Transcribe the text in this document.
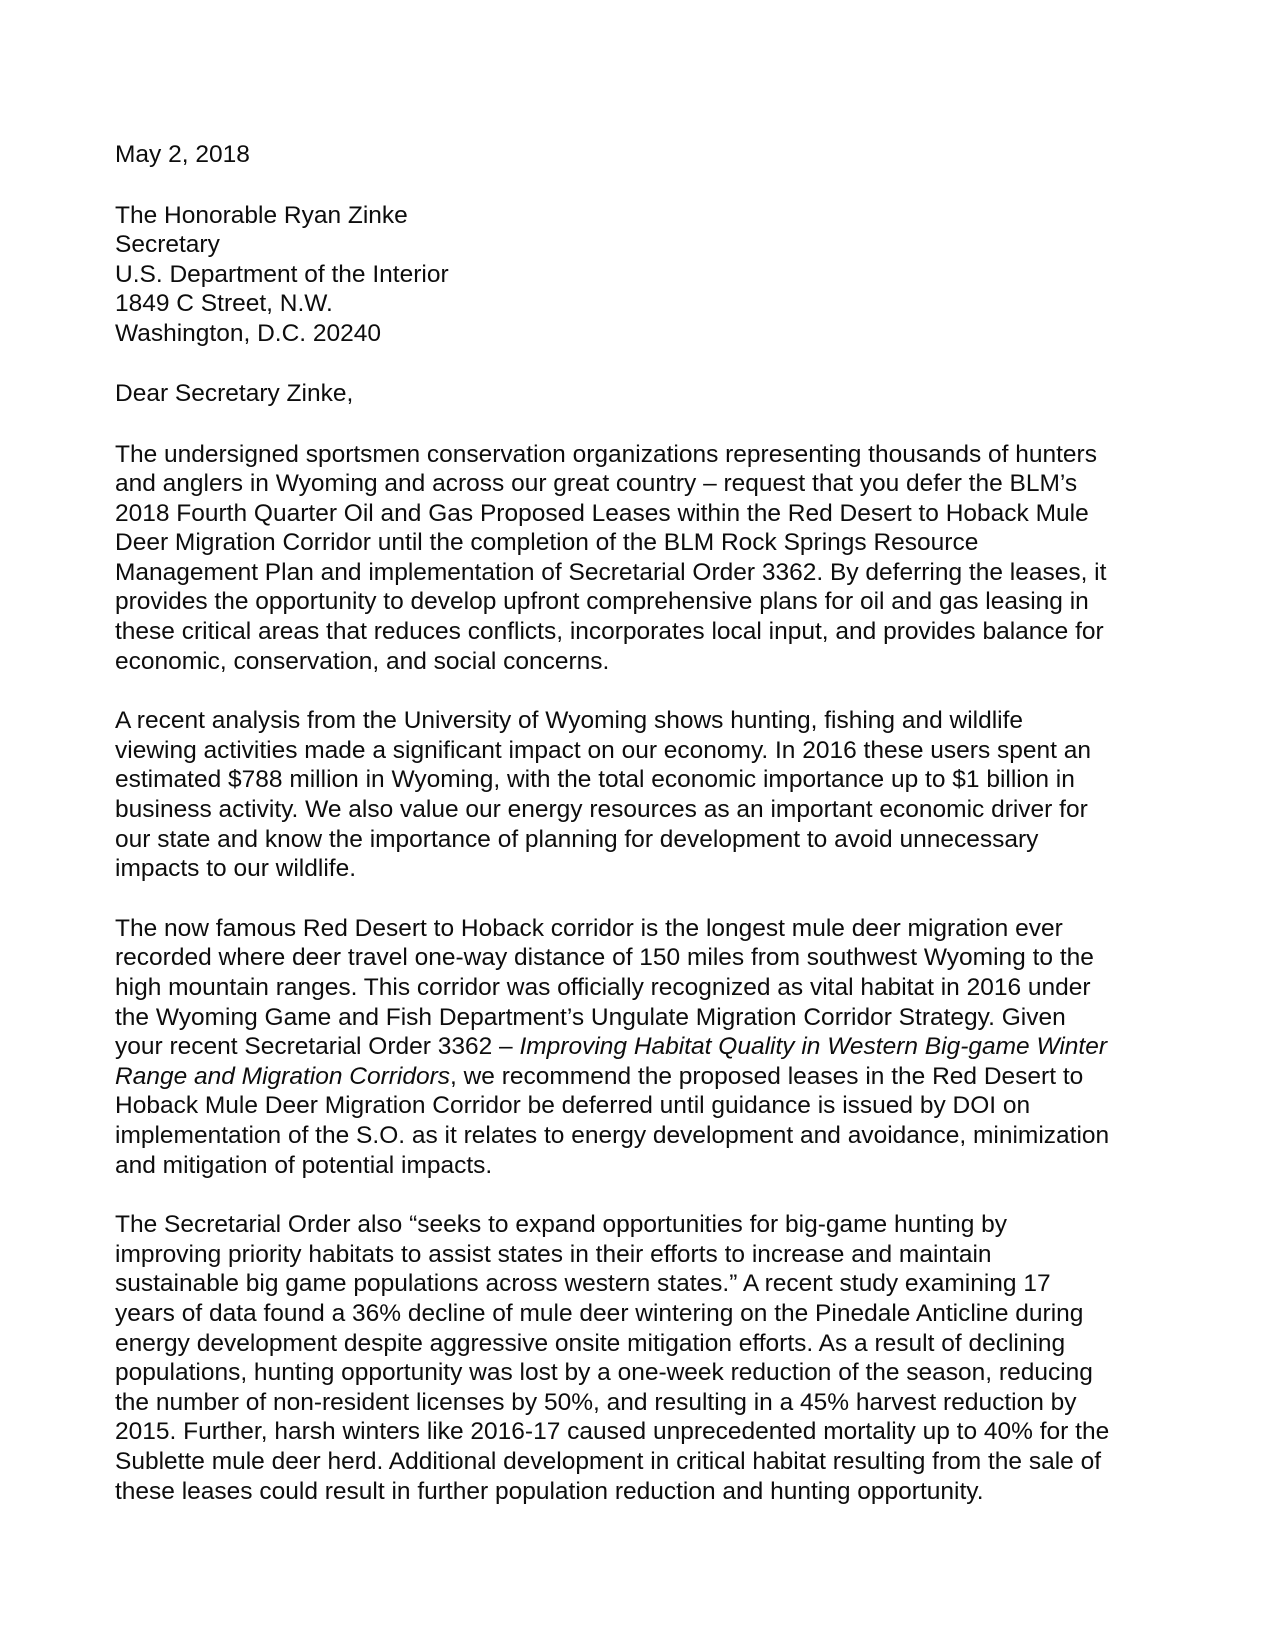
May 2, 2018

The Honorable Ryan Zinke

Secretary

U.S. Department of the Interior

1849 C Street, N.W.

Washington, D.C. 20240

Dear Secretary Zinke,

The undersigned sportsmen conservation organizations representing thousands of hunters and anglers in Wyoming and across our great country – request that you defer the BLM’s 2018 Fourth Quarter Oil and Gas Proposed Leases within the Red Desert to Hoback Mule Deer Migration Corridor until the completion of the BLM Rock Springs Resource Management Plan and implementation of Secretarial Order 3362. By deferring the leases, it provides the opportunity to develop upfront comprehensive plans for oil and gas leasing in these critical areas that reduces conflicts, incorporates local input, and provides balance for economic, conservation, and social concerns.

A recent analysis from the University of Wyoming shows hunting, fishing and wildlife viewing activities made a significant impact on our economy. In 2016 these users spent an estimated $788 million in Wyoming, with the total economic importance up to $1 billion in business activity. We also value our energy resources as an important economic driver for our state and know the importance of planning for development to avoid unnecessary impacts to our wildlife.

The now famous Red Desert to Hoback corridor is the longest mule deer migration ever recorded where deer travel one-way distance of 150 miles from southwest Wyoming to the high mountain ranges. This corridor was officially recognized as vital habitat in 2016 under the Wyoming Game and Fish Department’s Ungulate Migration Corridor Strategy. Given your recent Secretarial Order 3362 – Improving Habitat Quality in Western Big-game Winter Range and Migration Corridors, we recommend the proposed leases in the Red Desert to Hoback Mule Deer Migration Corridor be deferred until guidance is issued by DOI on implementation of the S.O. as it relates to energy development and avoidance, minimization and mitigation of potential impacts.

The Secretarial Order also “seeks to expand opportunities for big-game hunting by improving priority habitats to assist states in their efforts to increase and maintain sustainable big game populations across western states.” A recent study examining 17 years of data found a 36% decline of mule deer wintering on the Pinedale Anticline during energy development despite aggressive onsite mitigation efforts. As a result of declining populations, hunting opportunity was lost by a one-week reduction of the season, reducing the number of non-resident licenses by 50%, and resulting in a 45% harvest reduction by 2015. Further, harsh winters like 2016-17 caused unprecedented mortality up to 40% for the Sublette mule deer herd. Additional development in critical habitat resulting from the sale of these leases could result in further population reduction and hunting opportunity.
